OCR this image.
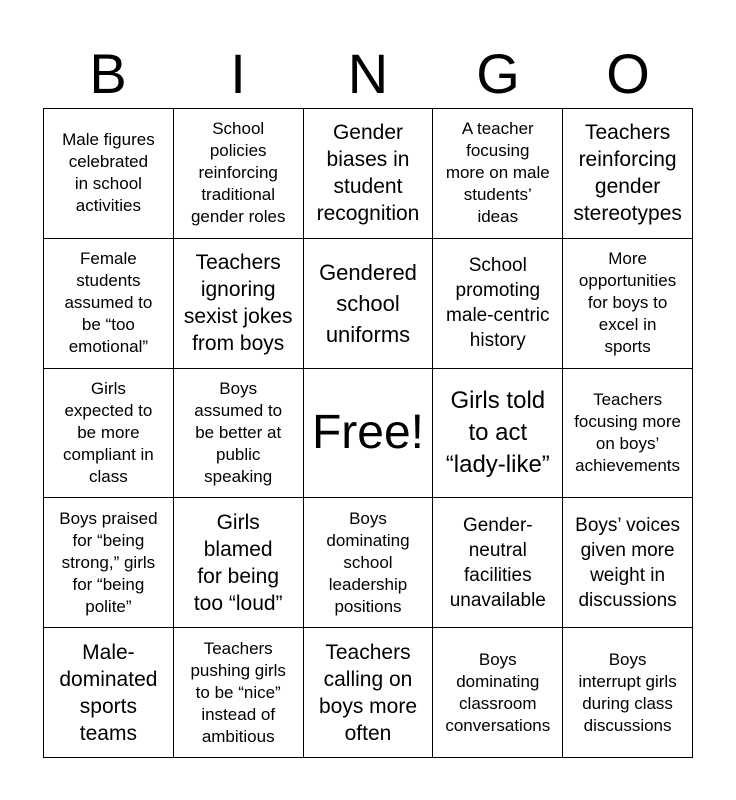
B	I	N	G	O
Male figures
celebrated
in school
activities
School
policies
reinforcing
traditional
gender roles
Gender
biases in
student
recognition
A teacher
focusing
more on male
students’
ideas
Teachers
reinforcing
gender
stereotypes
Female
students
assumed to
be “too
emotional”
Teachers
ignoring
sexist jokes
from boys
Gendered
school
uniforms
School
promoting
male-centric
history
More
opportunities
for boys to
excel in
sports
Girls
expected to
be more
compliant in
class
Boys
assumed to
be better at
public
speaking
Free!
Girls told
to act
“lady-like”
Teachers
focusing more
on boys’
achievements
Boys praised
for “being
strong,” girls
for “being
polite”
Girls
blamed
for being
too “loud”
Boys
dominating
school
leadership
positions
Gender-
neutral
facilities
unavailable
Boys’ voices
given more
weight in
discussions
Male-
dominated
sports
teams
Teachers
pushing girls
to be “nice”
instead of
ambitious
Teachers
calling on
boys more
often
Boys
dominating
classroom
conversations
Boys
interrupt girls
during class
discussions
